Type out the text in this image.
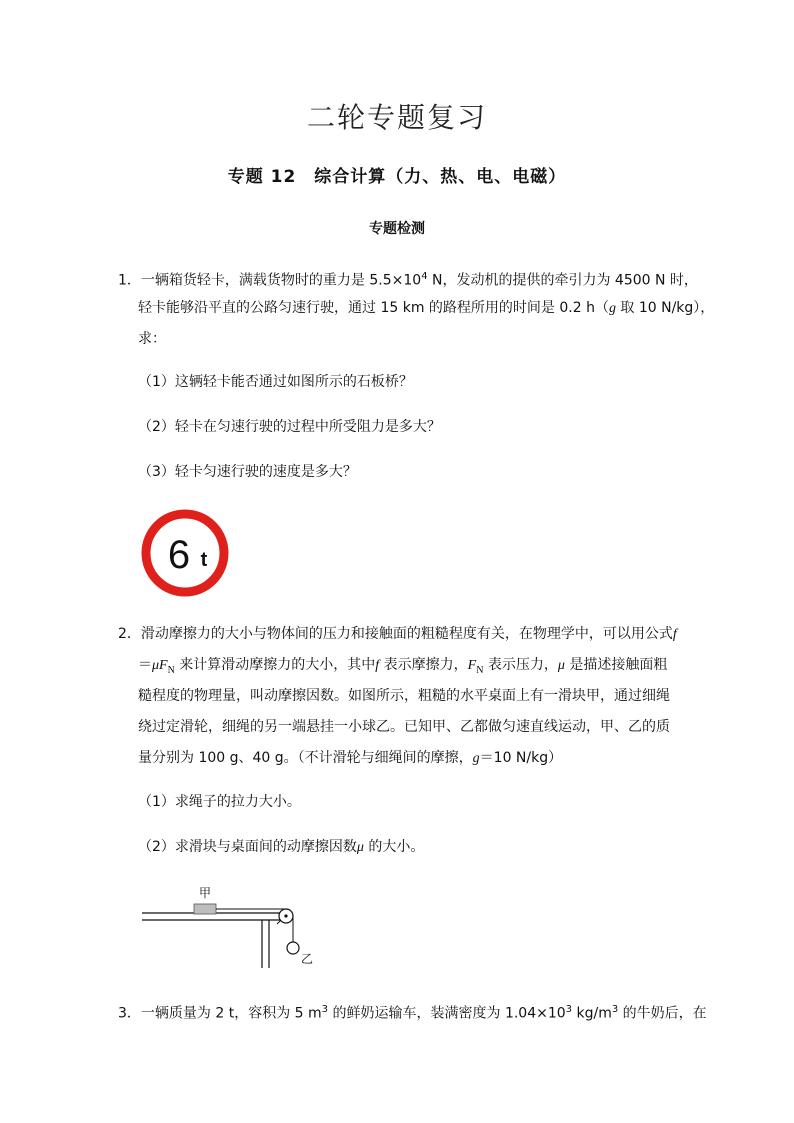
二轮专题复习
专题 12　综合计算（力、热、电、电磁）
专题检测
1．一辆箱货轻卡，满载货物时的重力是 $5.5\times 10^4$ N，发动机的提供的牵引力为 4500 N 时，
轻卡能够沿平直的公路匀速行驶，通过 15 km 的路程所用的时间是 0.2 h（g 取 10 N/kg），
求：
（1）这辆轻卡能否通过如图所示的石板桥？
（2）轻卡在匀速行驶的过程中所受阻力是多大？
（3）轻卡匀速行驶的速度是多大？
6 t
2．滑动摩擦力的大小与物体间的压力和接触面的粗糙程度有关，在物理学中，可以用公式f
$=\mu F_N$ 来计算滑动摩擦力的大小，其中f 表示摩擦力，$F_N$ 表示压力，μ 是描述接触面粗
糙程度的物理量，叫动摩擦因数。如图所示，粗糙的水平桌面上有一滑块甲，通过细绳
绕过定滑轮，细绳的另一端悬挂一小球乙。已知甲、乙都做匀速直线运动，甲、乙的质
量分别为 100 g、40 g。（不计滑轮与细绳间的摩擦，g＝10 N/kg）
（1）求绳子的拉力大小。
（2）求滑块与桌面间的动摩擦因数μ 的大小。
甲
乙
3．一辆质量为 2 t，容积为 5 $m^3$ 的鲜奶运输车，装满密度为 $1.04\times 10^3$ $kg/m^3$ 的牛奶后，在
